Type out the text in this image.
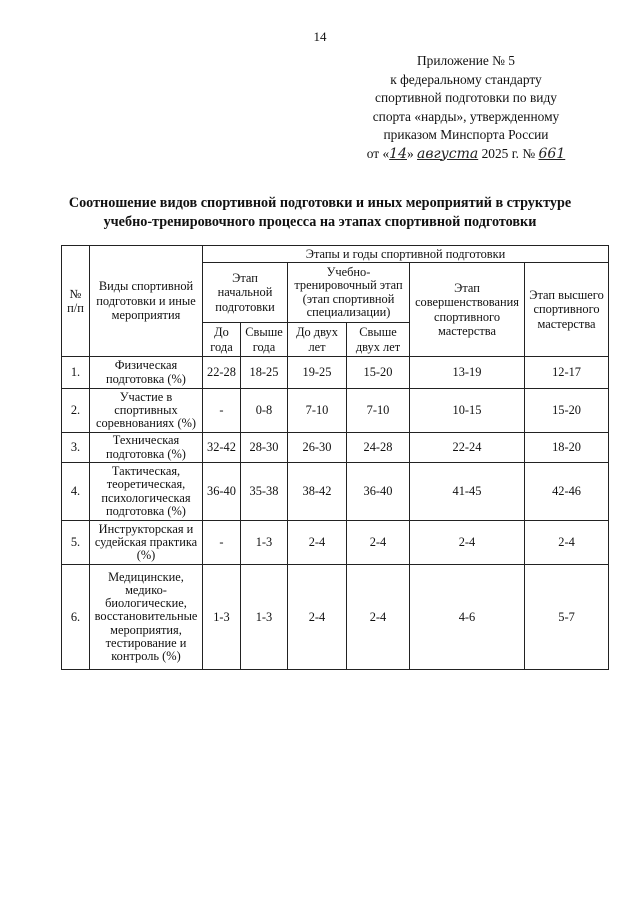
14
Приложение № 5
к федеральному стандарту
спортивной подготовки по виду
спорта «нарды», утвержденному
приказом Минспорта России
от «14» августа 2025 г. № 661
Соотношение видов спортивной подготовки и иных мероприятий в структуре
учебно-тренировочного процесса на этапах спортивной подготовки
№ п/п	Виды спортивной подготовки и иные мероприятия	Этапы и годы спортивной подготовки					
		Этап начальной подготовки		Учебно-тренировочный этап (этап спортивной специализации)		Этап совершенствования спортивного мастерства	Этап высшего спортивного мастерства
		До года	Свыше года	До двух лет	Свыше двух лет		
1.	Физическая подготовка (%)	22-28	18-25	19-25	15-20	13-19	12-17
2.	Участие в спортивных соревнованиях (%)	-	0-8	7-10	7-10	10-15	15-20
3.	Техническая подготовка (%)	32-42	28-30	26-30	24-28	22-24	18-20
4.	Тактическая, теоретическая, психологическая подготовка (%)	36-40	35-38	38-42	36-40	41-45	42-46
5.	Инструкторская и судейская практика (%)	-	1-3	2-4	2-4	2-4	2-4
6.	Медицинские, медико-биологические, восстановительные мероприятия, тестирование и контроль (%)	1-3	1-3	2-4	2-4	4-6	5-7
